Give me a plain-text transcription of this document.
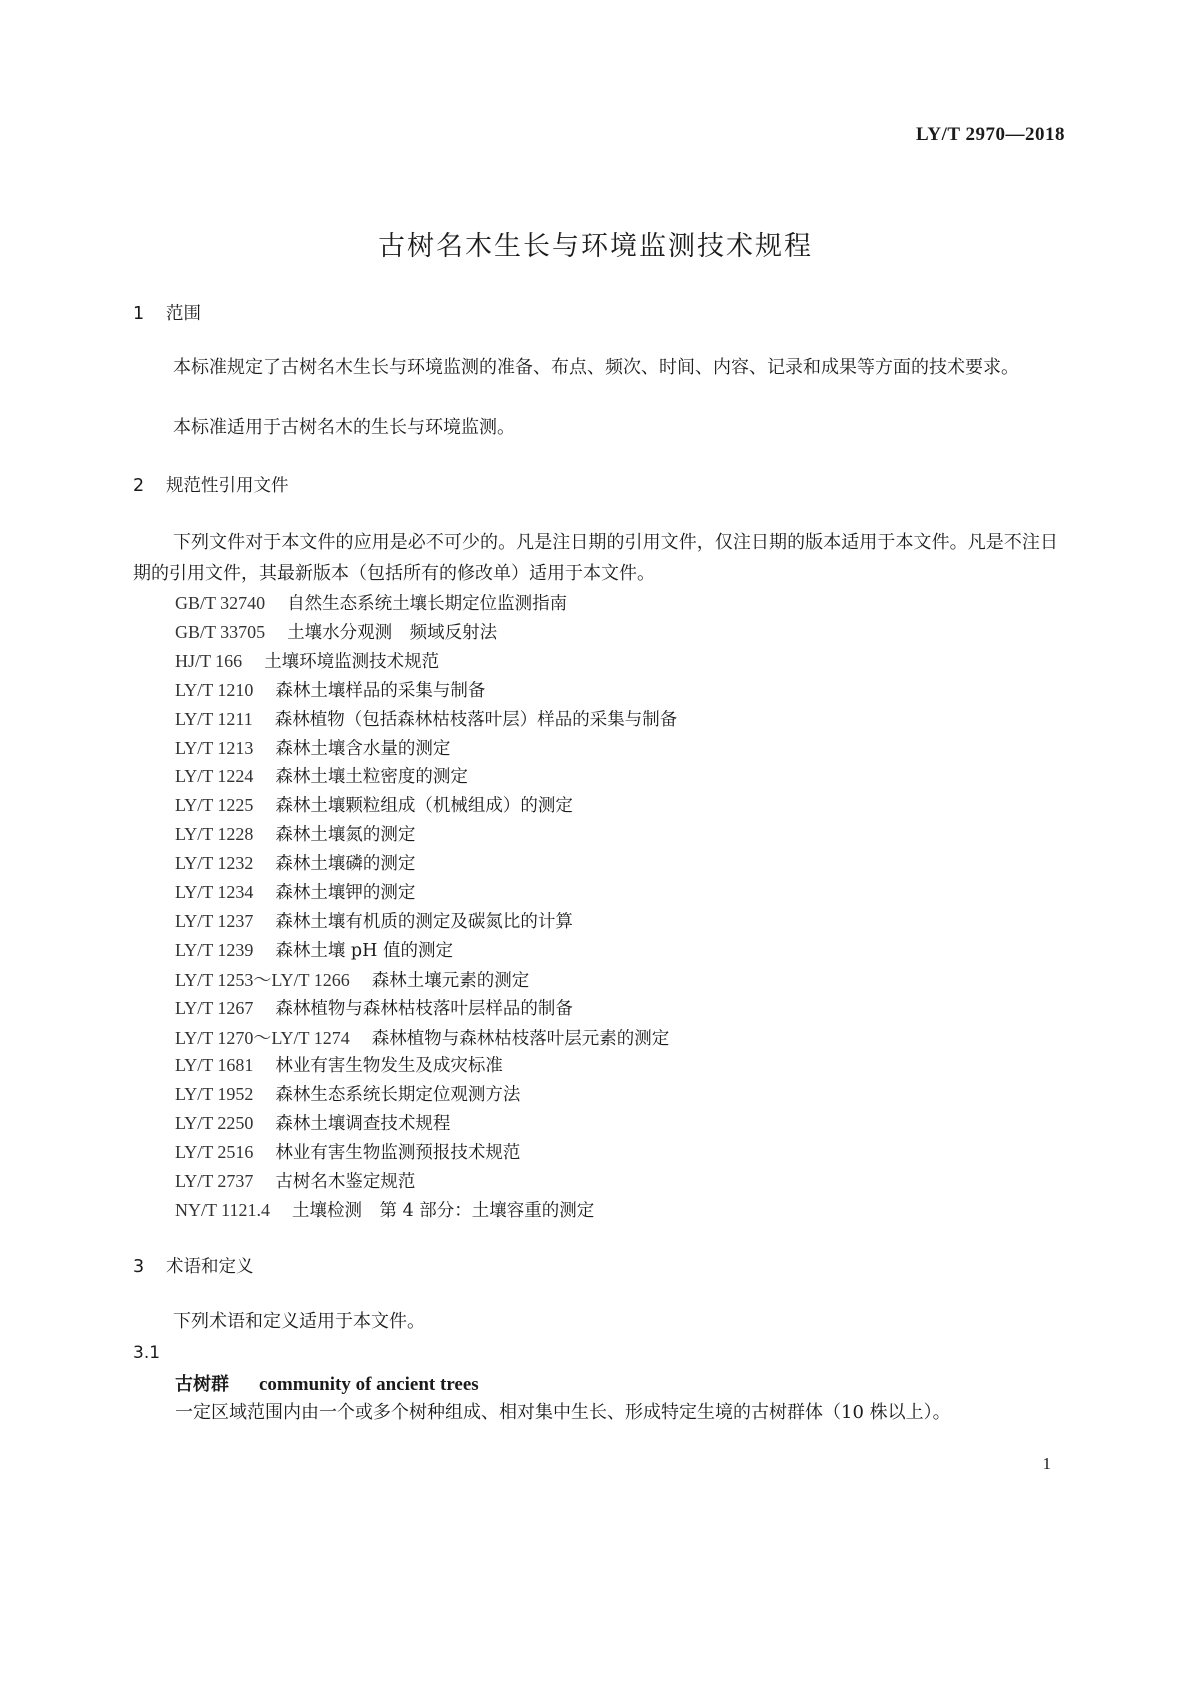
LY/T 2970—2018
古树名木生长与环境监测技术规程
1 范围
本标准规定了古树名木生长与环境监测的准备、布点、频次、时间、内容、记录和成果等方面的技术要求。
本标准适用于古树名木的生长与环境监测。
2 规范性引用文件
下列文件对于本文件的应用是必不可少的。凡是注日期的引用文件，仅注日期的版本适用于本文件。凡是不注日期的引用文件，其最新版本（包括所有的修改单）适用于本文件。
GB/T 32740 自然生态系统土壤长期定位监测指南
GB/T 33705 土壤水分观测　频域反射法
HJ/T 166 土壤环境监测技术规范
LY/T 1210 森林土壤样品的采集与制备
LY/T 1211 森林植物（包括森林枯枝落叶层）样品的采集与制备
LY/T 1213 森林土壤含水量的测定
LY/T 1224 森林土壤土粒密度的测定
LY/T 1225 森林土壤颗粒组成（机械组成）的测定
LY/T 1228 森林土壤氮的测定
LY/T 1232 森林土壤磷的测定
LY/T 1234 森林土壤钾的测定
LY/T 1237 森林土壤有机质的测定及碳氮比的计算
LY/T 1239 森林土壤 pH 值的测定
LY/T 1253～LY/T 1266 森林土壤元素的测定
LY/T 1267 森林植物与森林枯枝落叶层样品的制备
LY/T 1270～LY/T 1274 森林植物与森林枯枝落叶层元素的测定
LY/T 1681 林业有害生物发生及成灾标准
LY/T 1952 森林生态系统长期定位观测方法
LY/T 2250 森林土壤调查技术规程
LY/T 2516 林业有害生物监测预报技术规范
LY/T 2737 古树名木鉴定规范
NY/T 1121.4 土壤检测　第 4 部分：土壤容重的测定
3 术语和定义
下列术语和定义适用于本文件。
3.1
古树群 community of ancient trees
一定区域范围内由一个或多个树种组成、相对集中生长、形成特定生境的古树群体（10 株以上）。
1
